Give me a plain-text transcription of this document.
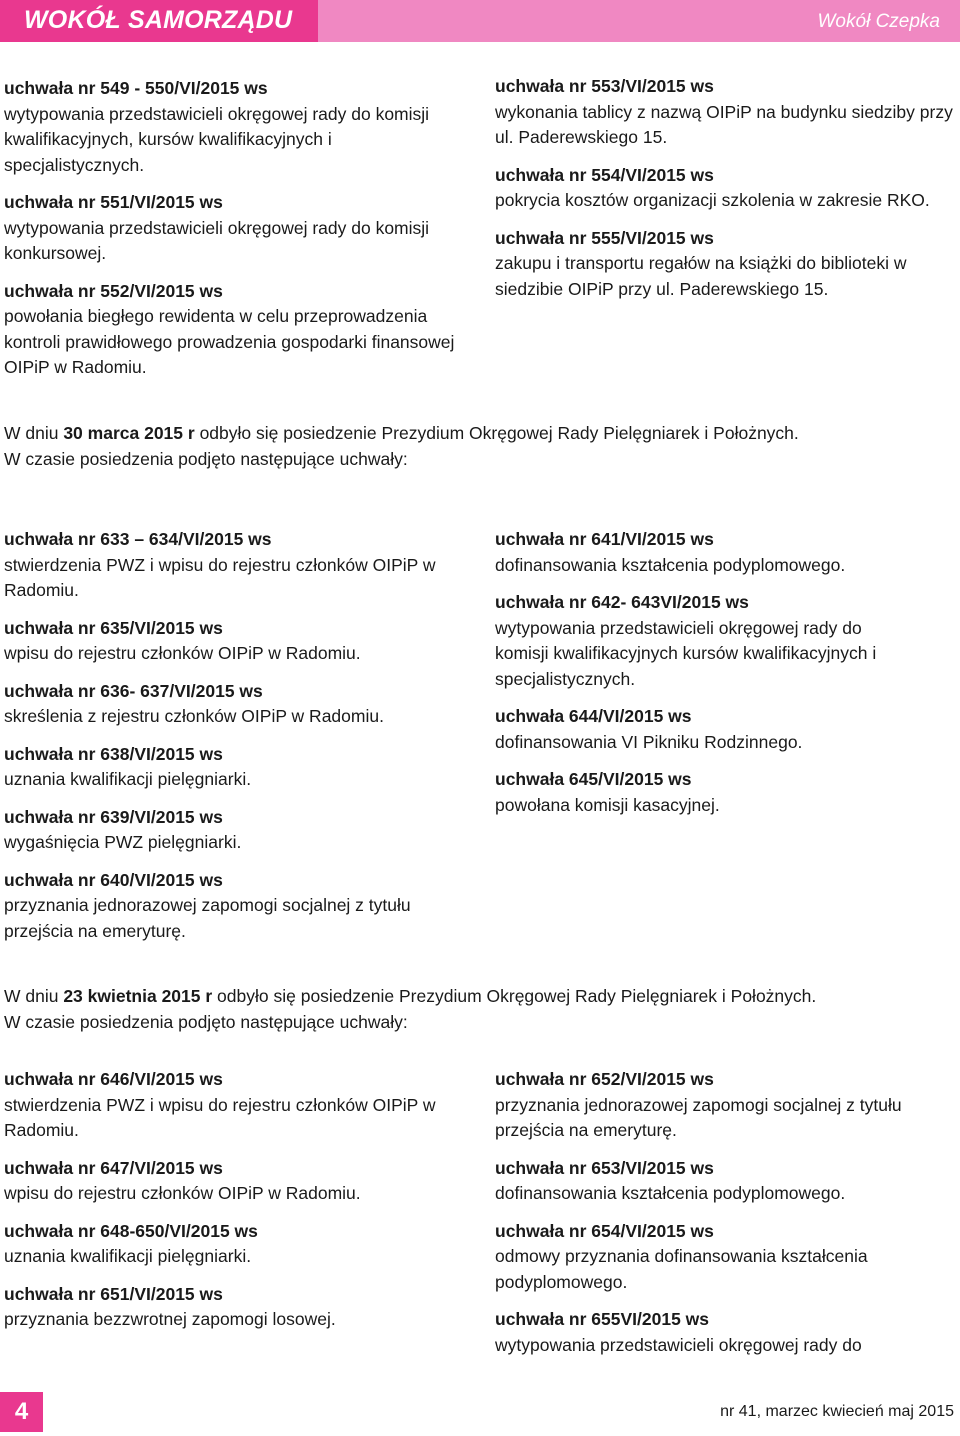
WOKÓŁ SAMORZĄDU	Wokół Czepka
uchwała nr 549 - 550/VI/2015 ws
wytypowania przedstawicieli okręgowej rady do komisji kwalifikacyjnych, kursów kwalifikacyjnych i specjalistycznych.
uchwała nr 551/VI/2015 ws
wytypowania przedstawicieli okręgowej rady do komisji konkursowej.
uchwała nr 552/VI/2015 ws
powołania biegłego rewidenta w celu przeprowadzenia kontroli prawidłowego prowadzenia gospodarki finansowej OIPiP w Radomiu.
uchwała nr 553/VI/2015 ws
wykonania tablicy z nazwą OIPiP na budynku siedziby przy ul. Paderewskiego 15.
uchwała nr 554/VI/2015 ws
pokrycia kosztów organizacji szkolenia w zakresie RKO.
uchwała nr 555/VI/2015 ws
zakupu i transportu regałów na książki do biblioteki w siedzibie OIPiP przy ul. Paderewskiego 15.
W dniu 30 marca 2015 r odbyło się posiedzenie Prezydium Okręgowej Rady Pielęgniarek i Położnych.
W czasie posiedzenia podjęto następujące uchwały:
uchwała nr 633 – 634/VI/2015 ws
stwierdzenia PWZ i wpisu do rejestru członków OIPiP w Radomiu.
uchwała nr 635/VI/2015 ws
wpisu do rejestru członków OIPiP w Radomiu.
uchwała nr 636- 637/VI/2015 ws
skreślenia z rejestru członków OIPiP w Radomiu.
uchwała nr 638/VI/2015 ws
uznania kwalifikacji pielęgniarki.
uchwała nr 639/VI/2015 ws
wygaśnięcia PWZ pielęgniarki.
uchwała nr 640/VI/2015 ws
przyznania jednorazowej zapomogi socjalnej z tytułu przejścia na emeryturę.
uchwała nr 641/VI/2015 ws
dofinansowania kształcenia podyplomowego.
uchwała nr 642- 643VI/2015 ws
wytypowania przedstawicieli okręgowej rady do komisji kwalifikacyjnych kursów kwalifikacyjnych i specjalistycznych.
uchwała 644/VI/2015 ws
dofinansowania VI Pikniku Rodzinnego.
uchwała 645/VI/2015 ws
powołana komisji kasacyjnej.
W dniu 23 kwietnia 2015 r odbyło się posiedzenie Prezydium Okręgowej Rady Pielęgniarek i Położnych.
W czasie posiedzenia podjęto następujące uchwały:
uchwała nr 646/VI/2015 ws
stwierdzenia PWZ i wpisu do rejestru członków OIPiP w Radomiu.
uchwała nr 647/VI/2015 ws
wpisu do rejestru członków OIPiP w Radomiu.
uchwała nr 648-650/VI/2015 ws
uznania kwalifikacji pielęgniarki.
uchwała nr 651/VI/2015 ws
przyznania bezzwrotnej zapomogi losowej.
uchwała nr 652/VI/2015 ws
przyznania jednorazowej zapomogi socjalnej z tytułu przejścia na emeryturę.
uchwała nr 653/VI/2015 ws
dofinansowania kształcenia podyplomowego.
uchwała nr 654/VI/2015 ws
odmowy przyznania dofinansowania kształcenia podyplomowego.
uchwała nr 655VI/2015 ws
wytypowania przedstawicieli okręgowej rady do
4	nr 41, marzec kwiecień maj 2015
